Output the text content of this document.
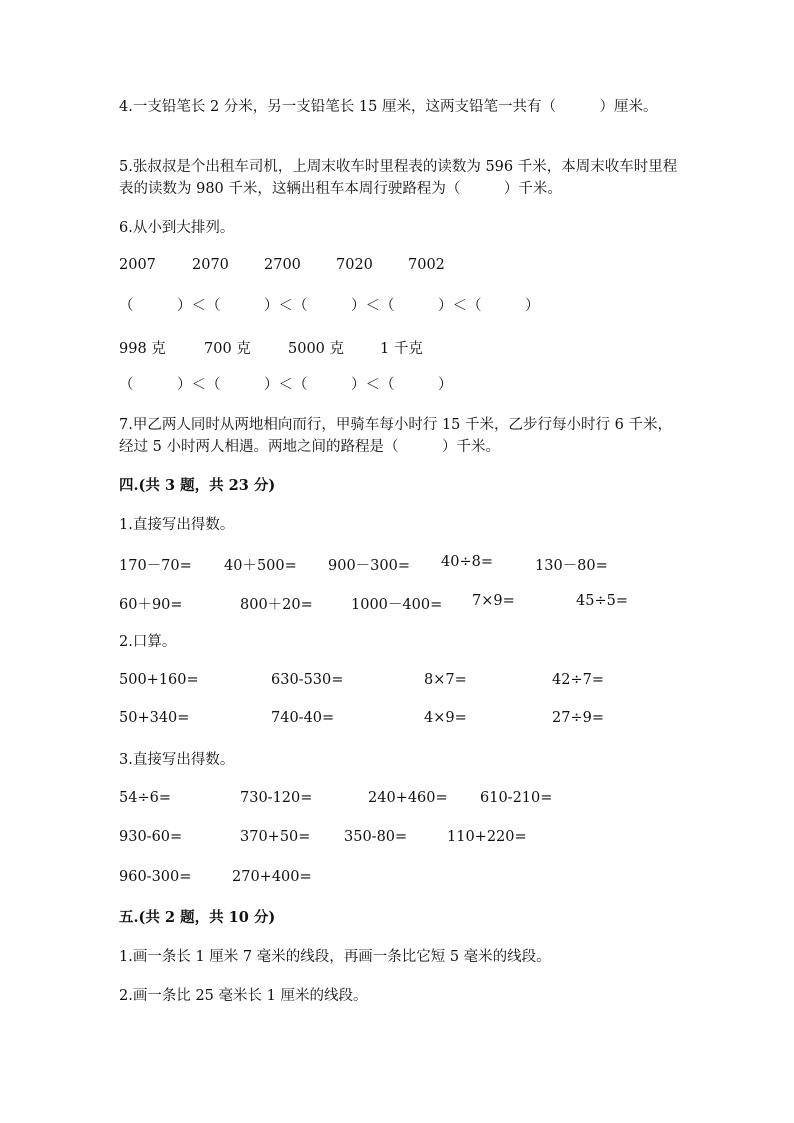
4.一支铅笔长 2 分米，另一支铅笔长 15 厘米，这两支铅笔一共有（　　　）厘米。
5.张叔叔是个出租车司机，上周末收车时里程表的读数为 596 千米，本周末收车时里程表的读数为 980 千米，这辆出租车本周行驶路程为（　　　）千米。
6.从小到大排列。
2007 2070 2700 7020 7002
（　　　）＜（　　　）＜（　　　）＜（　　　）＜（　　　）
998 克	700 克	5000 克 1 千克
（　　　）＜（　　　）＜（　　　）＜（　　　）
7.甲乙两人同时从两地相向而行，甲骑车每小时行 15 千米，乙步行每小时行 6 千米，经过 5 小时两人相遇。两地之间的路程是（　　　）千米。
四.(共 3 题，共 23 分)
1.直接写出得数。
170－70= 40＋500= 900－300= 40÷8=	130－80=
60＋90=	800＋20=	1000－400= 7×9=	45÷5=
2.口算。
500+160=	630-530=	8×7=	42÷7=
50+340=	740-40=	4×9=	27÷9=
3.直接写出得数。
54÷6=	730-120=	240+460= 610-210=
930-60=	370+50= 350-80=	110+220=
960-300=	270+400=
五.(共 2 题，共 10 分)
1.画一条长 1 厘米 7 毫米的线段，再画一条比它短 5 毫米的线段。
2.画一条比 25 毫米长 1 厘米的线段。
